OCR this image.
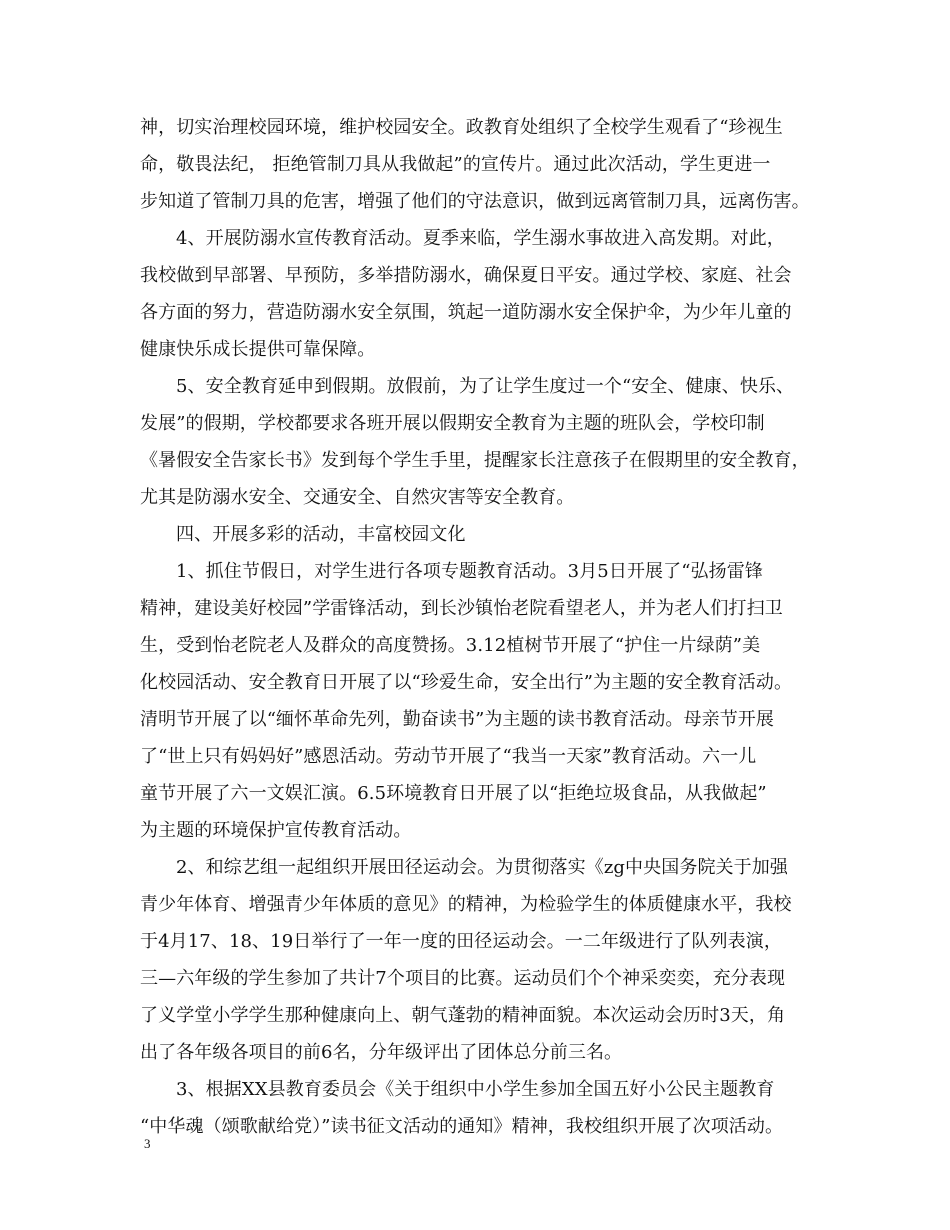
神，切实治理校园环境，维护校园安全。政教育处组织了全校学生观看了“珍视生
命，敬畏法纪， 拒绝管制刀具从我做起”的宣传片。通过此次活动，学生更进一
步知道了管制刀具的危害，增强了他们的守法意识，做到远离管制刀具，远离伤害。
4、开展防溺水宣传教育活动。夏季来临，学生溺水事故进入高发期。对此，
我校做到早部署、早预防，多举措防溺水，确保夏日平安。通过学校、家庭、社会
各方面的努力，营造防溺水安全氛围，筑起一道防溺水安全保护伞，为少年儿童的
健康快乐成长提供可靠保障。
5、安全教育延申到假期。放假前，为了让学生度过一个“安全、健康、快乐、
发展”的假期，学校都要求各班开展以假期安全教育为主题的班队会，学校印制
《暑假安全告家长书》发到每个学生手里，提醒家长注意孩子在假期里的安全教育，
尤其是防溺水安全、交通安全、自然灾害等安全教育。
四、开展多彩的活动，丰富校园文化
1、抓住节假日，对学生进行各项专题教育活动。3月5日开展了“弘扬雷锋
精神，建设美好校园”学雷锋活动，到长沙镇怡老院看望老人，并为老人们打扫卫
生，受到怡老院老人及群众的高度赞扬。3.12植树节开展了“护住一片绿荫”美
化校园活动、安全教育日开展了以“珍爱生命，安全出行”为主题的安全教育活动。
清明节开展了以“缅怀革命先列，勤奋读书”为主题的读书教育活动。母亲节开展
了“世上只有妈妈好”感恩活动。劳动节开展了“我当一天家”教育活动。六一儿
童节开展了六一文娱汇演。6.5环境教育日开展了以“拒绝垃圾食品，从我做起”
为主题的环境保护宣传教育活动。
2、和综艺组一起组织开展田径运动会。为贯彻落实《zg中央国务院关于加强
青少年体育、增强青少年体质的意见》的精神，为检验学生的体质健康水平，我校
于4月17、18、19日举行了一年一度的田径运动会。一二年级进行了队列表演，
三—六年级的学生参加了共计7个项目的比赛。运动员们个个神采奕奕，充分表现
了义学堂小学学生那种健康向上、朝气蓬勃的精神面貌。本次运动会历时3天，角
出了各年级各项目的前6名，分年级评出了团体总分前三名。
3、根据XX县教育委员会《关于组织中小学生参加全国五好小公民主题教育
“中华魂（颂歌献给党）”读书征文活动的通知》精神，我校组织开展了次项活动。
3
